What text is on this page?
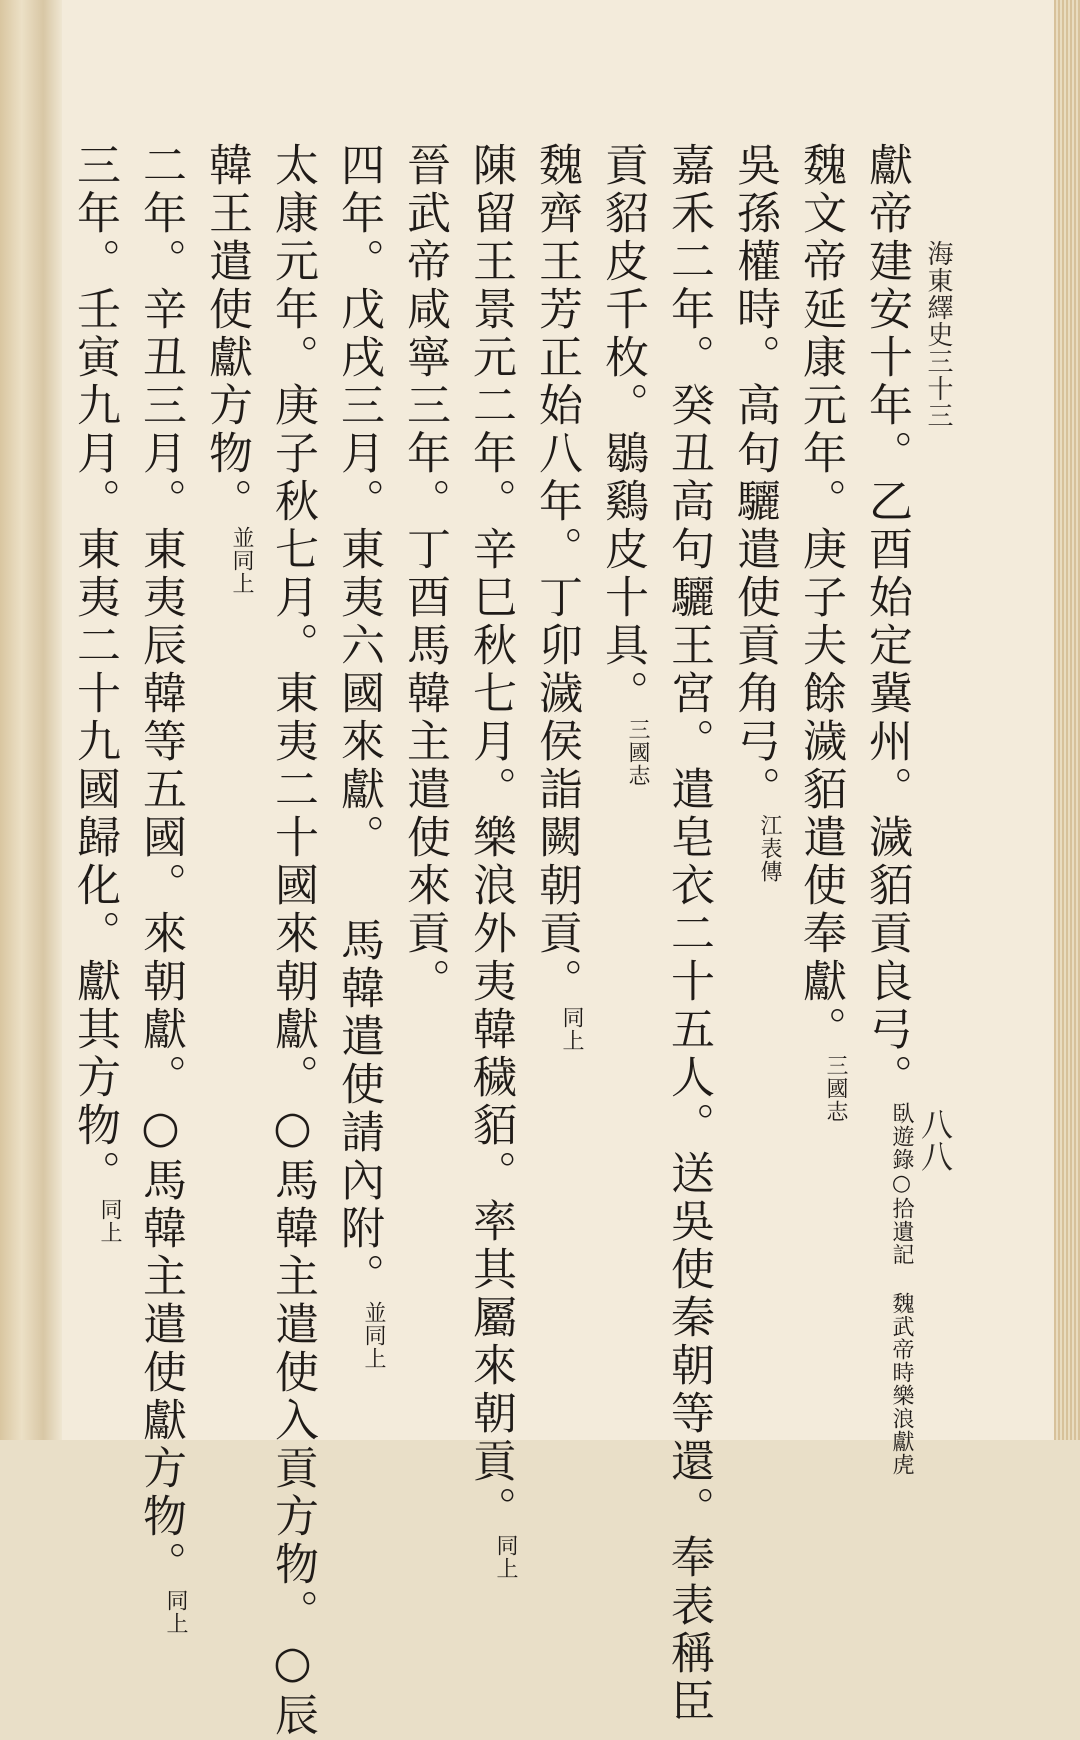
海東繹史三十三
八八
獻帝建安十年。乙酉始定冀州。濊貊貢良弓。臥遊錄○拾遺記 魏武帝時樂浪獻虎
魏文帝延康元年。庚子夫餘濊貊遣使奉獻。三國志
吳孫權時。高句驪遣使貢角弓。江表傳
嘉禾二年。癸丑高句驪王宮。遣皂衣二十五人。送吳使秦朝等還。奉表稱臣
貢貂皮千枚。鶡鷄皮十具。三國志
魏齊王芳正始八年。丁卯濊侯詣闕朝貢。同上
陳留王景元二年。辛巳秋七月。樂浪外夷韓穢貊。率其屬來朝貢。同上
晉武帝咸寧三年。丁酉馬韓主遣使來貢。
四年。戊戌三月。東夷六國來獻。 馬韓遣使請內附。並同上
太康元年。庚子秋七月。東夷二十國來朝獻。○馬韓主遣使入貢方物。○辰
韓王遣使獻方物。並同上
二年。辛丑三月。東夷辰韓等五國。來朝獻。○馬韓主遣使獻方物。同上
三年。壬寅九月。東夷二十九國歸化。獻其方物。同上
